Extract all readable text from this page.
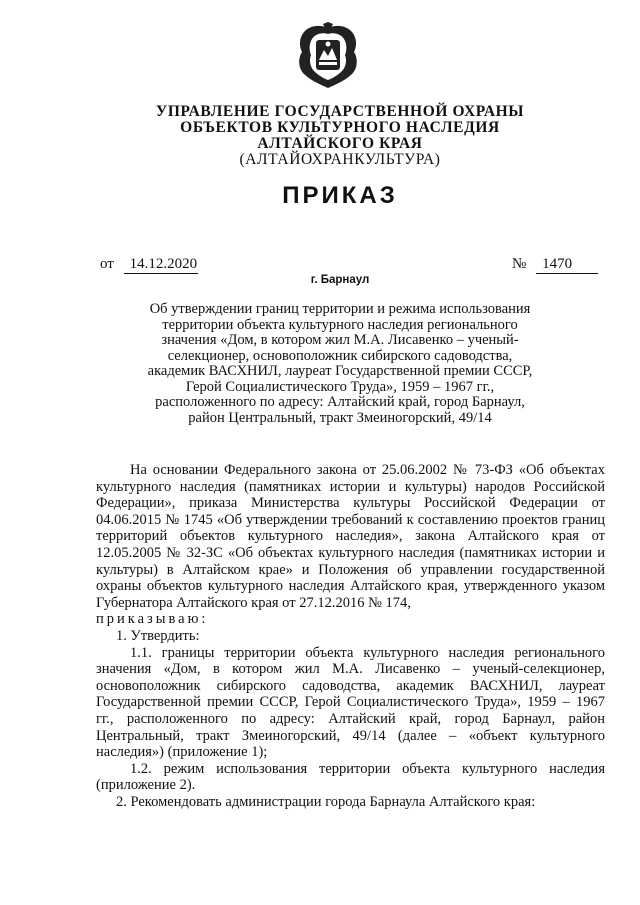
УПРАВЛЕНИЕ ГОСУДАРСТВЕННОЙ ОХРАНЫ
ОБЪЕКТОВ КУЛЬТУРНОГО НАСЛЕДИЯ
АЛТАЙСКОГО КРАЯ
(АЛТАЙОХРАНКУЛЬТУРА)
ПРИКАЗ
от 14.12.2020	№ 1470
г. Барнаул
Об утверждении границ территории и режима использования
территории объекта культурного наследия регионального
значения «Дом, в котором жил М.А. Лисавенко – ученый-
селекционер, основоположник сибирского садоводства,
академик ВАСХНИЛ, лауреат Государственной премии СССР,
Герой Социалистического Труда», 1959 – 1967 гг.,
расположенного по адресу: Алтайский край, город Барнаул,
район Центральный, тракт Змеиногорский, 49/14

На основании Федерального закона от 25.06.2002 № 73-ФЗ «Об объектах культурного наследия (памятниках истории и культуры) народов Российской Федерации», приказа Министерства культуры Российской Федерации от 04.06.2015 № 1745 «Об утверждении требований к составлению проектов границ территорий объектов культурного наследия», закона Алтайского края от 12.05.2005 № 32-ЗС «Об объектах культурного наследия (памятниках истории и культуры) в Алтайском крае» и Положения об управлении государственной охраны объектов культурного наследия Алтайского края, утвержденного указом Губернатора Алтайского края от 27.12.2016 № 174,

приказываю:

1. Утвердить:

1.1. границы территории объекта культурного наследия регионального значения «Дом, в котором жил М.А. Лисавенко – ученый-селекционер, основоположник сибирского садоводства, академик ВАСХНИЛ, лауреат Государственной премии СССР, Герой Социалистического Труда», 1959 – 1967 гг., расположенного по адресу: Алтайский край, город Барнаул, район Центральный, тракт Змеиногорский, 49/14 (далее – «объект культурного наследия») (приложение 1);

1.2. режим использования территории объекта культурного наследия (приложение 2).

2. Рекомендовать администрации города Барнаула Алтайского края:
